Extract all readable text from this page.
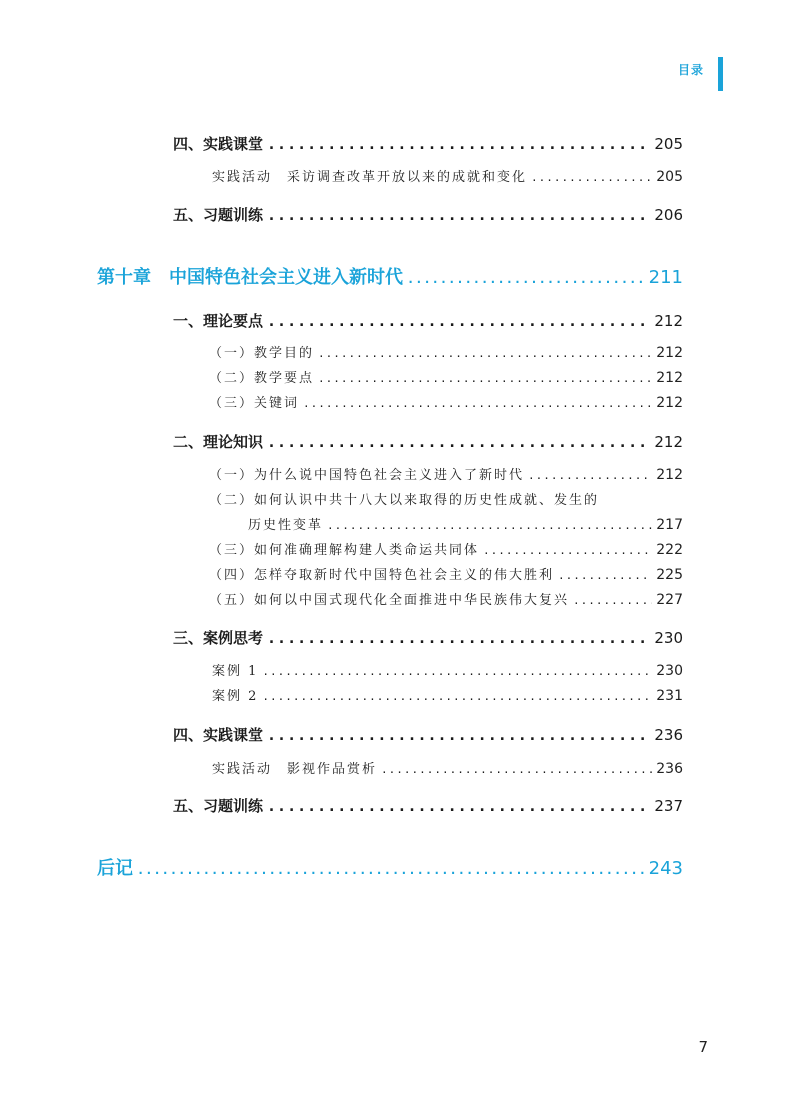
目录
四、实践课堂 .....	205
实践活动　采访调查改革开放以来的成就和变化 .....	205
五、习题训练 .....	206
第十章 中国特色社会主义进入新时代 .....	211
一、理论要点 .....	212
（一）教学目的 .....	212
（二）教学要点 .....	212
（三）关键词 .....	212
二、理论知识 .....	212
（一）为什么说中国特色社会主义进入了新时代 .....	212
（二）如何认识中共十八大以来取得的历史性成就、发生的
历史性变革 .....	217
（三）如何准确理解构建人类命运共同体 .....	222
（四）怎样夺取新时代中国特色社会主义的伟大胜利 .....	225
（五）如何以中国式现代化全面推进中华民族伟大复兴 .....	227
三、案例思考 .....	230
案例 1 .....	230
案例 2 .....	231
四、实践课堂 .....	236
实践活动　影视作品赏析 .....	236
五、习题训练 .....	237
后记 .....	243
7
